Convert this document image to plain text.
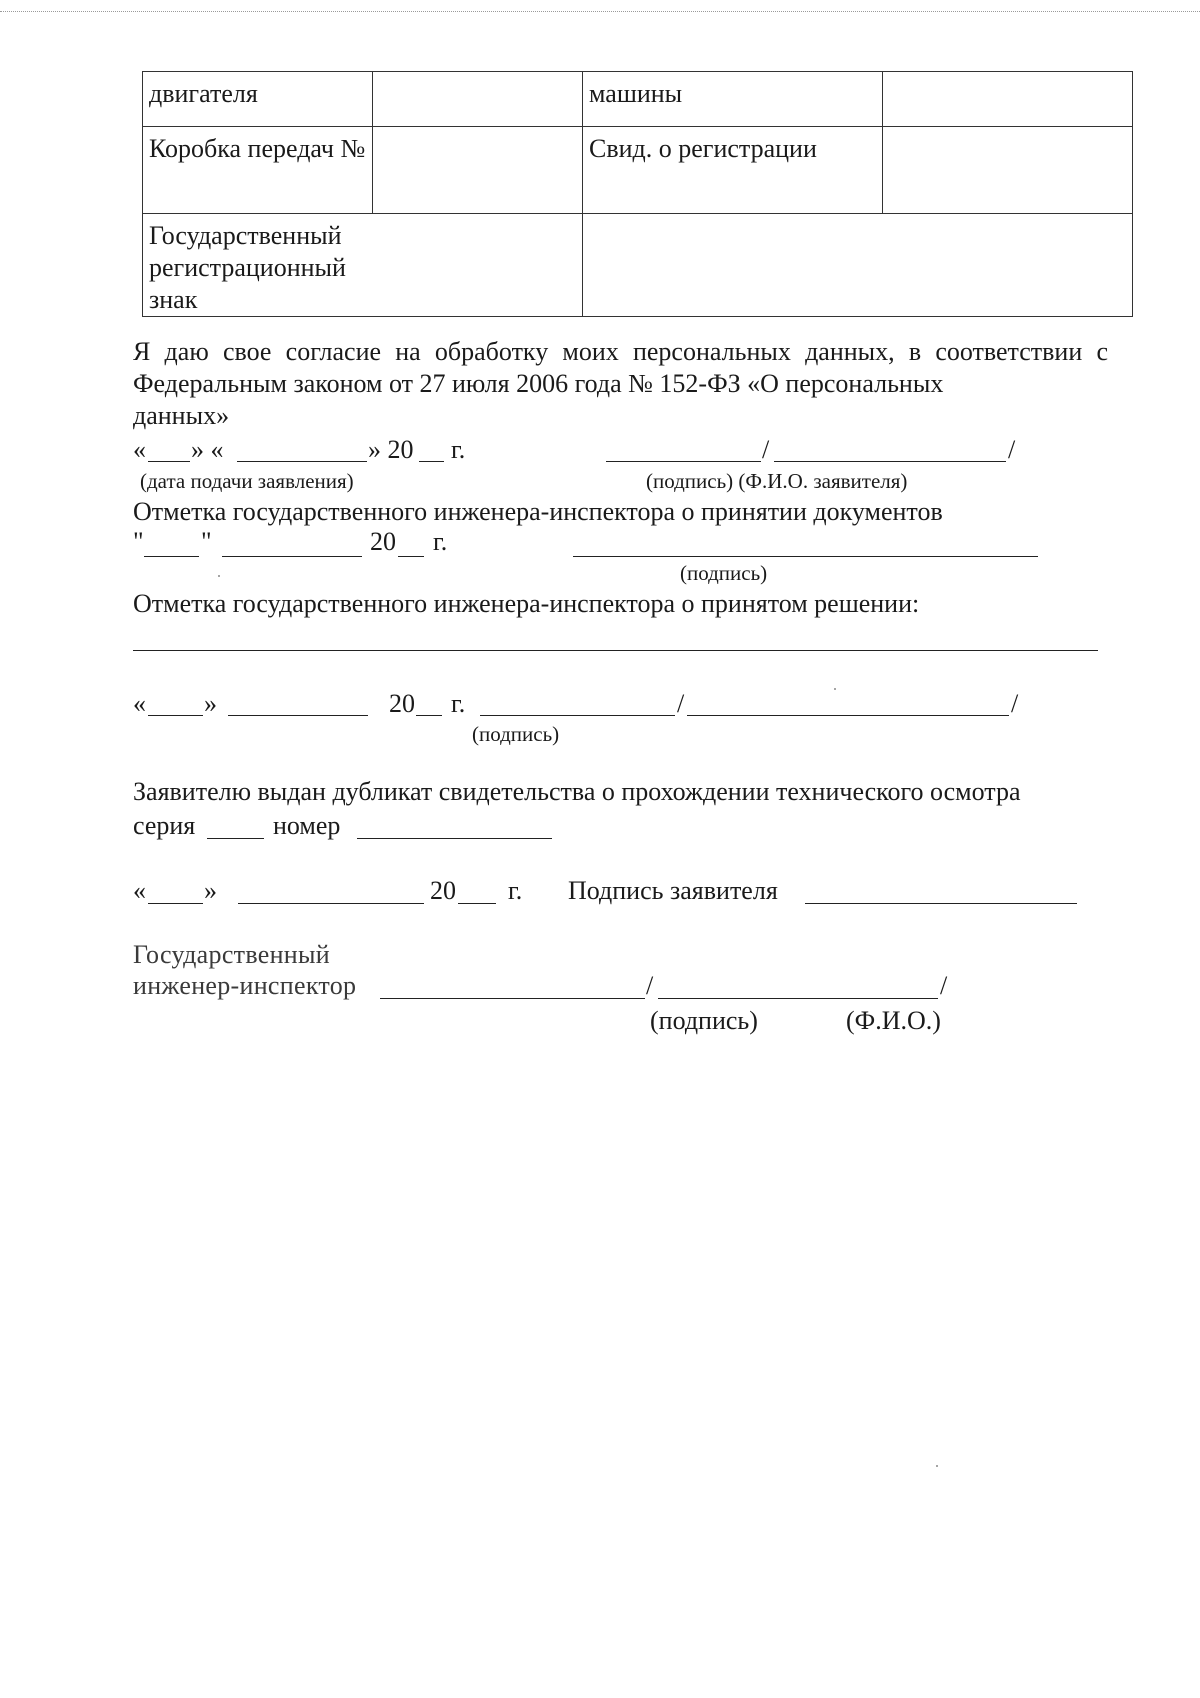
двигателя		машины	
Коробка передач №		Свид. о регистрации	

Государственный регистрационный знак			

Я даю свое согласие на обработку моих персональных данных, в соответствии с Федеральным законом от 27 июля 2006 года № 152-ФЗ «О персональных
данных»
« » «	» 20 г.	/	/
(дата подачи заявления)	(подпись) (Ф.И.О. заявителя)
Отметка государственного инженера-инспектора о принятии документов
" "	20 г.
(подпись)
Отметка государственного инженера-инспектора о принятом решении:
« »	20 г.	/	/
(подпись)
Заявителю выдан дубликат свидетельства о прохождении технического осмотра
серия	номер
« »	20 г. Подпись заявителя
Государственный
инженер-инспектор	/	/
(подпись)	(Ф.И.О.)
